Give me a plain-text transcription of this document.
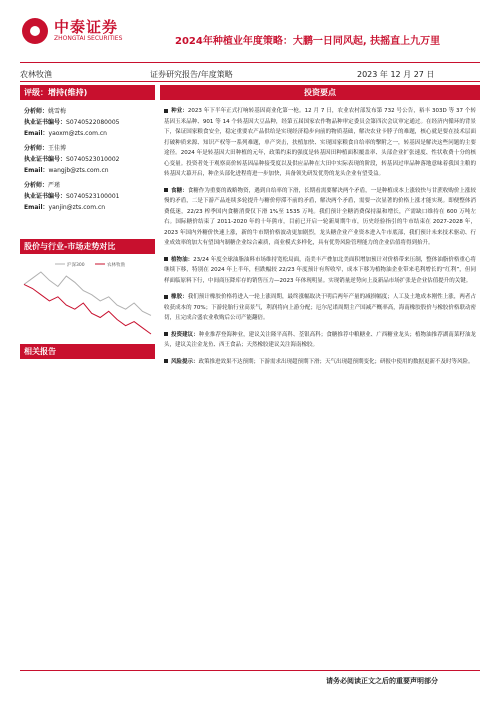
中泰证券
ZHONGTAI SECURITIES	2024年种植业年度策略：大鹏一日同风起, 扶摇直上九万里
农林牧渔	证券研究报告/年度策略	2023 年 12 月 27 日
评级：增持(维持)
分析师：姚雪梅
执业证书编号：S0740522080005
Email：yaoxm@zts.com.cn
分析师：王佳博
执业证书编号：S0740523010002
Email：wangjb@zts.com.cn
分析师：严瑾
执业证书编号：S0740523100001
Email：yanjin@zts.com.cn
股价与行业-市场走势对比
沪深300	农林牧渔
相关报告
投资要点
种业：2023 年下半年正式打响转基因商业化第一枪。12 月 7 日，农业农村部发布第 732 号公告，裕丰 303D 等 37 个转基因玉米品种、901 等 14 个转基因大豆品种，经第五届国家农作物品种审定委员会第四次会议审定通过。在经济内循环的背景下，保证国家粮食安全，稳定重要农产品供给是实现经济稳步向前的物质基础，解决农业卡脖子的难题，核心就是要在技术层面打破种质来源、知识产权等一系列难题，单产突击，扶植加快、实现国家粮食自给率的擊附之一，转基因是解决这些问题的主要途径。2024 年是转基因大田种植的元年，政策约束的强度是转基因田种植面积覆盖率、头部企业扩张速度、性状收费十分的核心变量。投资者处于观察高价转基因品种接受度以及供应品种在大田中实际表现的阶段，转基因过审品种落地意味着我国主粮的转基因大幕开启，种企头部化进程将进一步加快，具备领先研发优势的龙头企业有望受益。
食糖：食糖作为重要的战略物资，遇到自给率的下滑，长期看需要解决两个矛盾，一是种植成本上涨较快与甘蔗收购价上涨较慢的矛盾，二是下游产品连续多轮提升与糖价停滞不前的矛盾，解决两个矛盾，需要一次显著的价格上涨才能实现。即便整体消费低迷，22/23 榨季国内食糖消费仅下滑 1%至 1535 万吨。我们预计全糖消费保持温和增长，产需缺口维持在 600 万吨左右。国际糖价结束了 2011-2020 年的十年熊市，目前已开启一轮新周期牛市，历史经验指引的牛市结束在 2027-2028 年，2023 年国内外糖价快速上涨，新的牛市期价格波动更加剧烈，龙头糖企业产业资本进入牛市底部，我们预计未来技术驱动、行业成效率的加大有望国内制糖企业综合素质，商业模式多样化，具有优势风险管理能力的企业估值将得到抬升。
植物油：23/24 年度全球油脂油料市场维持宽松局面，南美丰产叠加北美面积增加预计对价格带来压制，整体油脂价格重心将继续下移，特别在 2024 年上半年，但跌幅较 22/23 年度预计有所收窄，成本下移为植物油企业带来毛利增长的“红利”，但同样面临原料下行，中间商压降库存的销售压力—2023 年体现明显。实现销量逆势向上及新品市场扩张是企业估值提升的关键。
橡胶：我们预计橡胶价格将进入一轮上涨周期，最终涨幅取决于明后两年产量的减损幅度；人工及土地成本刚性上涨，两者占收获成本的 70%；下游轮胎行业高景气，利润将向上游分配；厄尔尼诺周期主产国减产概率高，海南橡胶股价与橡胶价格联动密切，且完成合盛农业收购后公司产能翻倍。
投资建议：种业推荐登海种业，建议关注隆平高科、荃银高科；食糖推荐中粮糖业、广西糖业龙头；植物油推荐湖南菜籽油龙头，建议关注金龙鱼、西王食品；天然橡胶建议关注海南橡胶。
风险提示：政策推进效果不达预期；下游需求出现超预期下滑；天气出现超预期变化；研报中使用的数据更新不及时等风险。
请务必阅读正文之后的重要声明部分
